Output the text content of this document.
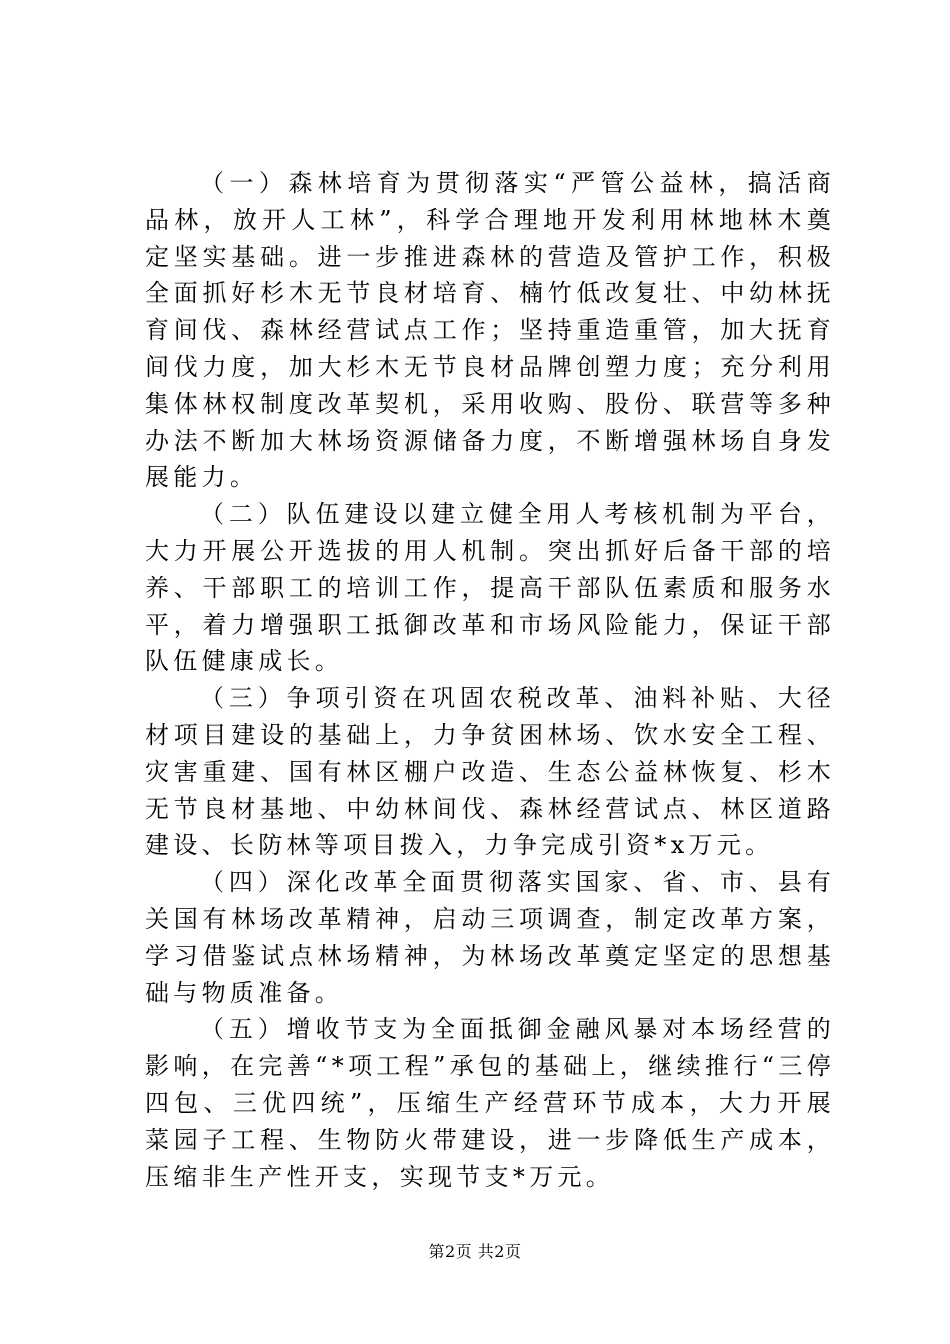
（一）森林培育为贯彻落实“严管公益林，搞活商品林，放开人工林”，科学合理地开发利用林地林木奠定坚实基础。进一步推进森林的营造及管护工作，积极全面抓好杉木无节良材培育、楠竹低改复壮、中幼林抚育间伐、森林经营试点工作；坚持重造重管，加大抚育间伐力度，加大杉木无节良材品牌创塑力度；充分利用集体林权制度改革契机，采用收购、股份、联营等多种办法不断加大林场资源储备力度，不断增强林场自身发展能力。

（二）队伍建设以建立健全用人考核机制为平台，大力开展公开选拔的用人机制。突出抓好后备干部的培养、干部职工的培训工作，提高干部队伍素质和服务水平，着力增强职工抵御改革和市场风险能力，保证干部队伍健康成长。

（三）争项引资在巩固农税改革、油料补贴、大径材项目建设的基础上，力争贫困林场、饮水安全工程、灾害重建、国有林区棚户改造、生态公益林恢复、杉木无节良材基地、中幼林间伐、森林经营试点、林区道路建设、长防林等项目拨入，力争完成引资*x万元。

（四）深化改革全面贯彻落实国家、省、市、县有关国有林场改革精神，启动三项调查，制定改革方案，学习借鉴试点林场精神，为林场改革奠定坚定的思想基础与物质准备。

（五）增收节支为全面抵御金融风暴对本场经营的影响，在完善“*项工程”承包的基础上，继续推行“三停四包、三优四统”，压缩生产经营环节成本，大力开展菜园子工程、生物防火带建设，进一步降低生产成本，压缩非生产性开支，实现节支*万元。

第2页 共2页
